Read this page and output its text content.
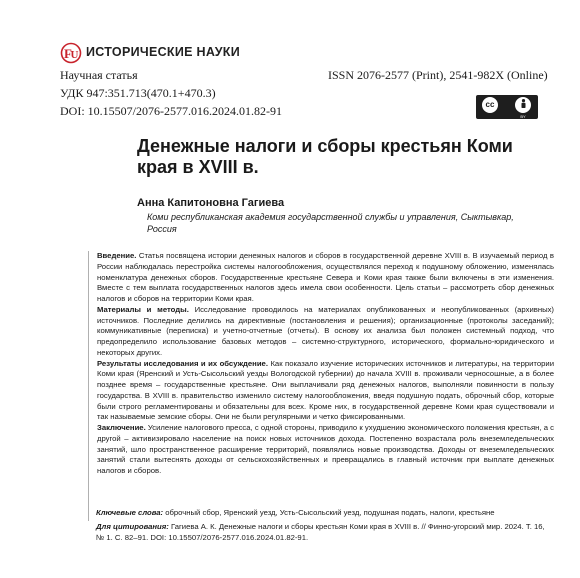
F
U ИСТОРИЧЕСКИЕ НАУКИ
Научная статья	ISSN 2076-2577 (Print), 2541-982X (Online)
УДК 947:351.713(470.1+470.3)
DOI: 10.15507/2076-2577.016.2024.01.82-91	cc
BY
Денежные налоги и сборы крестьян Коми края в XVIII в.
Анна Капитоновна Гагиева
Коми республиканская академия государственной службы и управления, Сыктывкар, Россия

Введение. Статья посвящена истории денежных налогов и сборов в государственной деревне XVIII в. В изучаемый период в России наблюдалась перестройка системы налогообложения, осуществлялся переход к подушному обложению, изменялась номенклатура денежных сборов. Государственные крестьяне Севера и Коми края также были включены в эти изменения. Вместе с тем выплата государственных налогов здесь имела свои особенности. Цель статьи – рассмотреть сбор денежных налогов и сборов на территории Коми края.

Материалы и методы. Исследование проводилось на материалах опубликованных и неопубликованных (архивных) источников. Последние делились на директивные (постановления и решения); организационные (протоколы заседаний); коммуникативные (переписка) и учетно-отчетные (отчеты). В основу их анализа был положен системный подход, что предопределило использование базовых методов – системно-структурного, исторического, формально-юридического и некоторых других.

Результаты исследования и их обсуждение. Как показало изучение исторических источников и литературы, на территории Коми края (Яренский и Усть-Сысольский уезды Вологодской губернии) до начала XVIII в. проживали черносошные, а в более позднее время – государственные крестьяне. Они выплачивали ряд денежных налогов, выполняли повинности в пользу государства. В XVIII в. правительство изменило систему налогообложения, введя подушную подать, оброчный сбор, которые были строго регламентированы и обязательны для всех. Кроме них, в государственной деревне Коми края существовали и так называемые земские сборы. Они не были регулярными и четко фиксированными.

Заключение. Усиление налогового пресса, с одной стороны, приводило к ухудшению экономического положения крестьян, а с другой – активизировало население на поиск новых источников дохода. Постепенно возрастала роль внеземледельческих занятий, шло пространственное расширение территорий, появлялись новые производства. Доходы от внеземледельческих занятий стали вытеснять доходы от сельскохозяйственных и превращались в главный источник при выплате денежных налогов и сборов.

Ключевые слова: оброчный сбор, Яренский уезд, Усть-Сысольский уезд, подушная подать, налоги, крестьяне
Для цитирования: Гагиева А. К. Денежные налоги и сборы крестьян Коми края в XVIII в. // Финно-угорский мир. 2024. Т. 16, № 1. С. 82–91. DOI: 10.15507/2076-2577.016.2024.01.82-91.
